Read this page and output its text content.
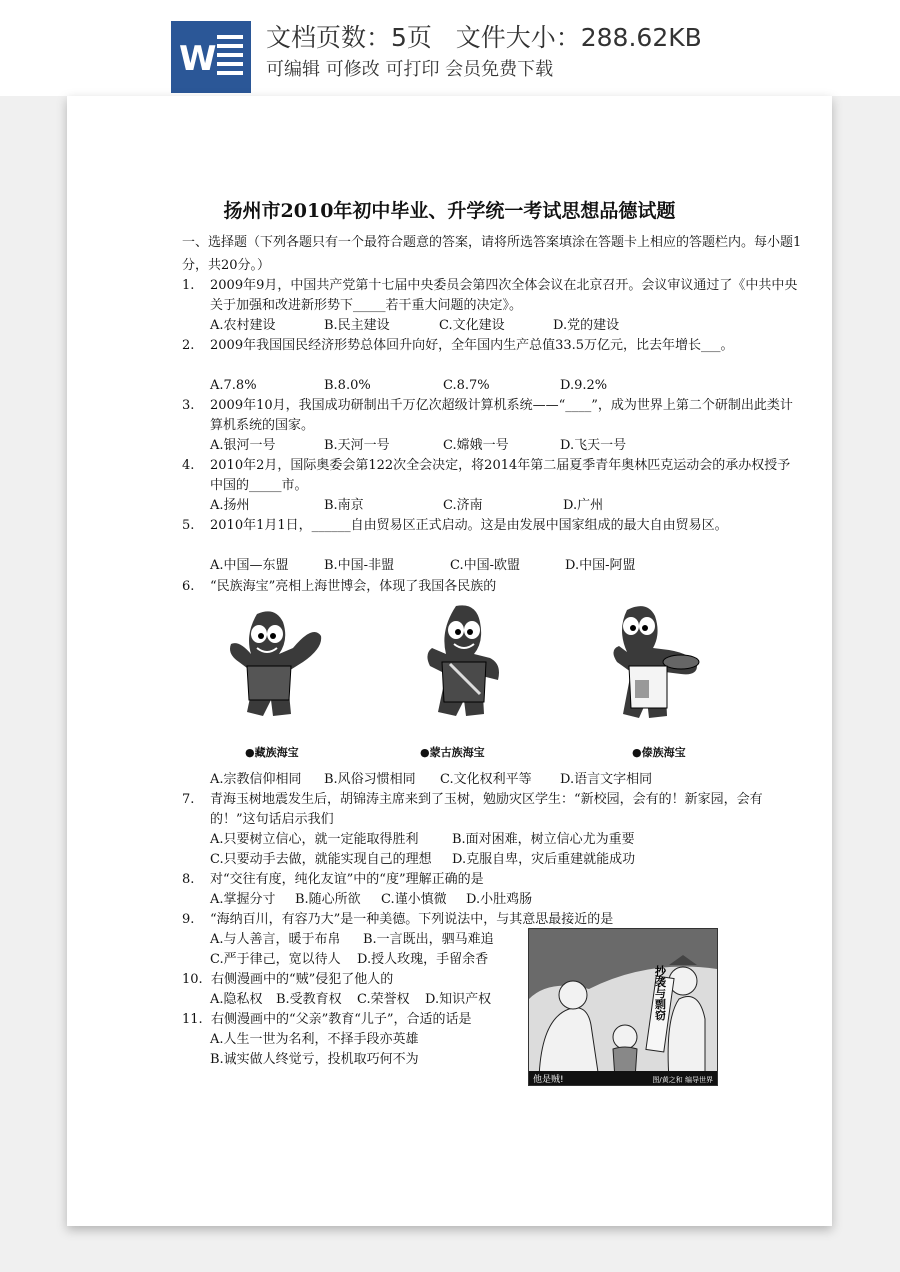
W
文档页数：5页   文件大小：288.62KB
可编辑 可修改 可打印 会员免费下载
扬州市2010年初中毕业、升学统一考试思想品德试题
一、选择题（下列各题只有一个最符合题意的答案，请将所选答案填涂在答题卡上相应的答题栏内。每小题1分，共20分。）
1.	2009年9月，中国共产党第十七届中央委员会第四次全体会议在北京召开。会议审议通过了《中共中央关于加强和改进新形势下_____若干重大问题的决定》。
A.农村建设	B.民主建设	C.文化建设	D.党的建设
2.	2009年我国国民经济形势总体回升向好，全年国内生产总值33.5万亿元，比去年增长___。
A.7.8%	B.8.0%	C.8.7%	D.9.2%
3.	2009年10月，我国成功研制出千万亿次超级计算机系统——“____”，成为世界上第二个研制出此类计算机系统的国家。
A.银河一号	B.天河一号	C.嫦娥一号	D.飞天一号
4.	2010年2月，国际奥委会第122次全会决定，将2014年第二届夏季青年奥林匹克运动会的承办权授予中国的_____市。
A.扬州	B.南京	C.济南	D.广州
5.	2010年1月1日，______自由贸易区正式启动。这是由发展中国家组成的最大自由贸易区。
A.中国—东盟	B.中国-非盟	C.中国-欧盟	D.中国-阿盟
6.	“民族海宝”亮相上海世博会，体现了我国各民族的
●藏族海宝	●蒙古族海宝	●傣族海宝
A.宗教信仰相同 B.风俗习惯相同 C.文化权利平等 D.语言文字相同
7.	青海玉树地震发生后，胡锦涛主席来到了玉树，勉励灾区学生：“新校园，会有的！新家园，会有的！”这句话启示我们
A.只要树立信心，就一定能取得胜利	B.面对困难，树立信心尤为重要
C.只要动手去做，就能实现自己的理想 D.克服自卑，灾后重建就能成功
8.	对“交往有度，纯化友谊”中的“度”理解正确的是
A.掌握分寸 B.随心所欲 C.谨小慎微 D.小肚鸡肠
9.	“海纳百川，有容乃大”是一种美德。下列说法中，与其意思最接近的是
A.与人善言，暖于布帛 B.一言既出，驷马难追
C.严于律己，宽以待人 D.授人玫瑰，手留余香
10. 右侧漫画中的“贼”侵犯了他人的
A.隐私权 B.受教育权 C.荣誉权 D.知识产权
11. 右侧漫画中的“父亲”教育“儿子”，合适的话是
A.人生一世为名利，不择手段亦英雄
B.诚实做人终觉亏，投机取巧何不为
抄袭与剽窃
他是贼!	图/黄之和 编导世界
